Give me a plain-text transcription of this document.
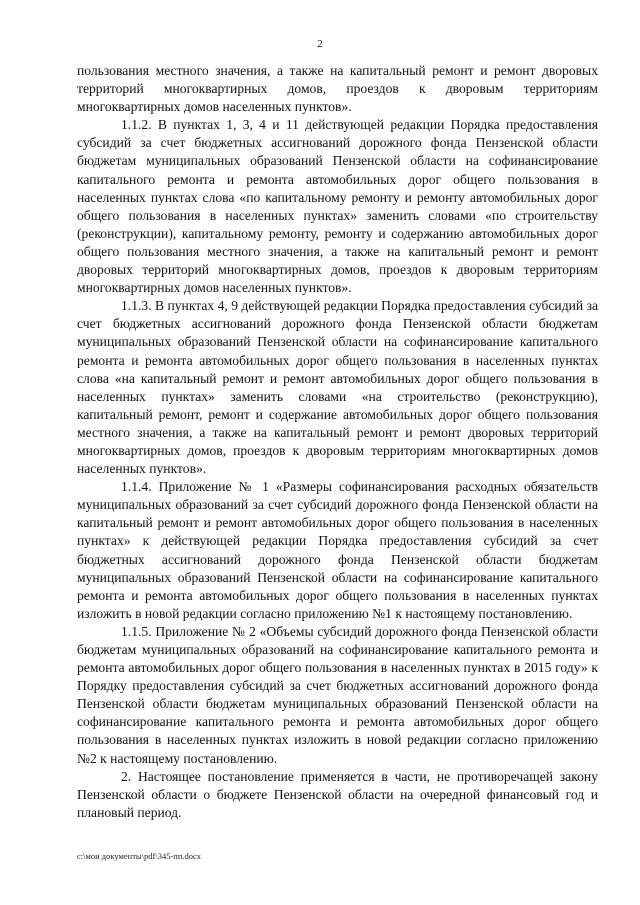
2

пользования местного значения, а также на капитальный ремонт и ремонт дворовых территорий многоквартирных домов, проездов к дворовым территориям многоквартирных домов населенных пунктов».

1.1.2. В пунктах 1, 3, 4 и 11 действующей редакции Порядка предоставления субсидий за счет бюджетных ассигнований дорожного фонда Пензенской области бюджетам муниципальных образований Пензенской области на софинансирование капитального ремонта и ремонта автомобильных дорог общего пользования в населенных пунктах слова «по капитальному ремонту и ремонту автомобильных дорог общего пользования в населенных пунктах» заменить словами «по строительству (реконструкции), капитальному ремонту, ремонту и содержанию автомобильных дорог общего пользования местного значения, а также на капитальный ремонт и ремонт дворовых территорий многоквартирных домов, проездов к дворовым территориям многоквартирных домов населенных пунктов».

1.1.3. В пунктах 4, 9 действующей редакции Порядка предоставления субсидий за счет бюджетных ассигнований дорожного фонда Пензенской области бюджетам муниципальных образований Пензенской области на софинансирование капитального ремонта и ремонта автомобильных дорог общего пользования в населенных пунктах слова «на капитальный ремонт и ремонт автомобильных дорог общего пользования в населенных пунктах» заменить словами «на строительство (реконструкцию), капитальный ремонт, ремонт и содержание автомобильных дорог общего пользования местного значения, а также на капитальный ремонт и ремонт дворовых территорий многоквартирных домов, проездов к дворовым территориям многоквартирных домов населенных пунктов».

1.1.4. Приложение № 1 «Размеры софинансирования расходных обязательств муниципальных образований за счет субсидий дорожного фонда Пензенской области на капитальный ремонт и ремонт автомобильных дорог общего пользования в населенных пунктах» к действующей редакции Порядка предоставления субсидий за счет бюджетных ассигнований дорожного фонда Пензенской области бюджетам муниципальных образований Пензенской области на софинансирование капитального ремонта и ремонта автомобильных дорог общего пользования в населенных пунктах изложить в новой редакции согласно приложению №1 к настоящему постановлению.

1.1.5. Приложение № 2 «Объемы субсидий дорожного фонда Пензенской области бюджетам муниципальных образований на софинансирование капитального ремонта и ремонта автомобильных дорог общего пользования в населенных пунктах в 2015 году» к Порядку предоставления субсидий за счет бюджетных ассигнований дорожного фонда Пензенской области бюджетам муниципальных образований Пензенской области на софинансирование капитального ремонта и ремонта автомобильных дорог общего пользования в населенных пунктах изложить в новой редакции согласно приложению №2 к настоящему постановлению.

2. Настоящее постановление применяется в части, не противоречащей закону Пензенской области о бюджете Пензенской области на очередной финансовый год и плановый период.

c:\мои документы\pdf\345-пп.docx
